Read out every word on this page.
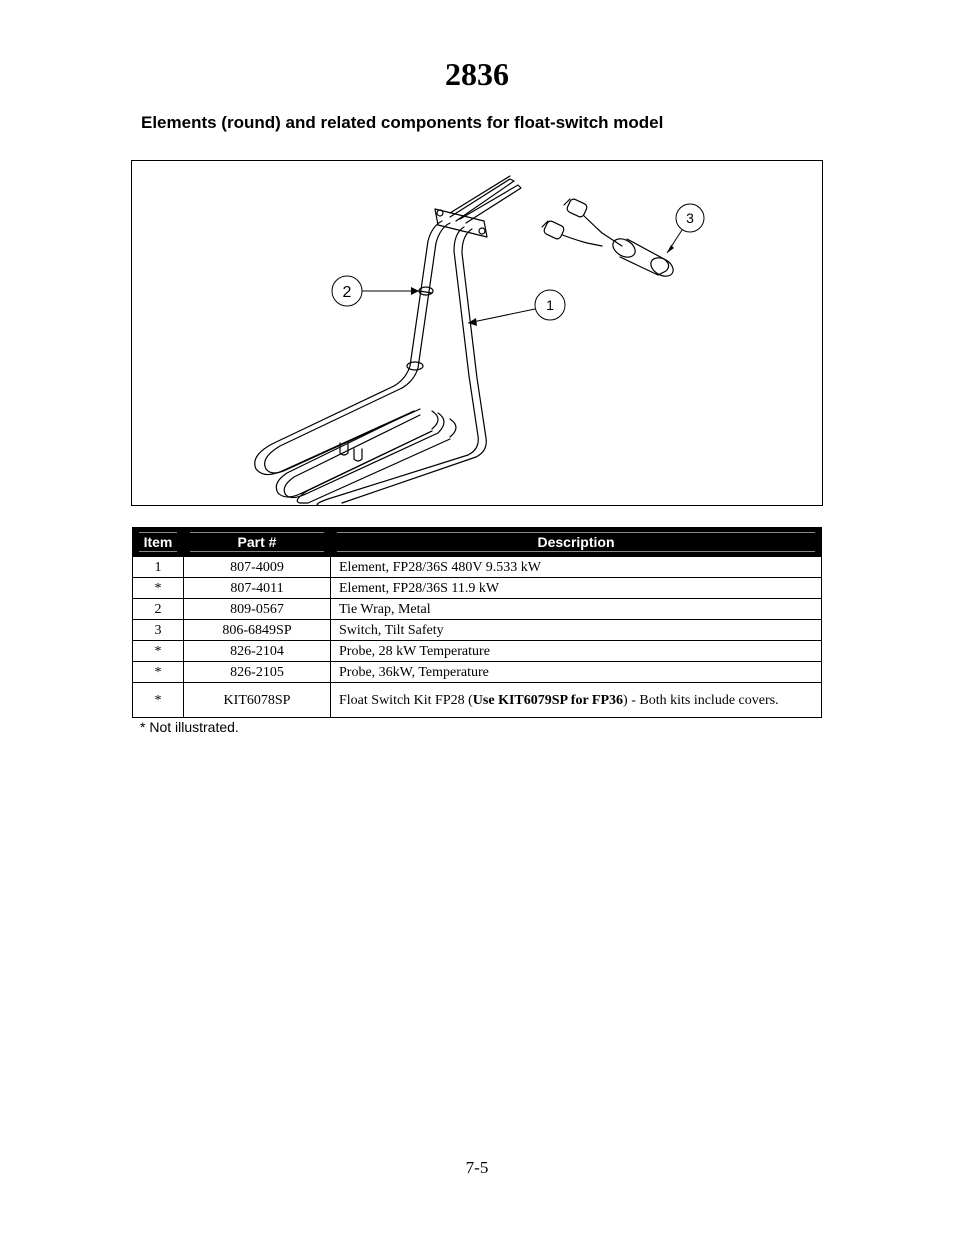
2836
Elements (round) and related components for float-switch model
3
2
1
Item	Part #	Description

1	807-4009	Element, FP28/36S 480V 9.533 kW
*	807-4011	Element, FP28/36S 11.9 kW
2	809-0567	Tie Wrap, Metal
3	806-6849SP	Switch, Tilt Safety
*	826-2104	Probe, 28 kW Temperature
*	826-2105	Probe, 36kW, Temperature
*	KIT6078SP	Float Switch Kit FP28 (Use KIT6079SP for FP36) - Both kits include covers.
* Not illustrated.
7-5
